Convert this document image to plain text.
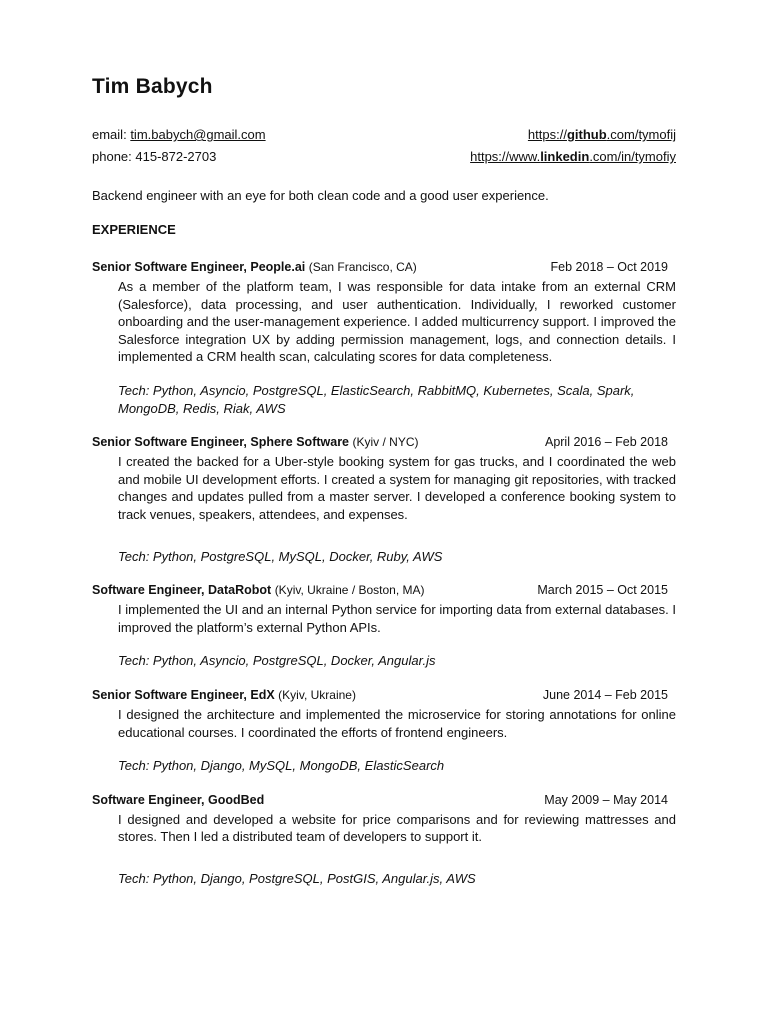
Tim Babych
email: tim.babych@gmail.com	https://github.com/tymofij
phone: 415-872-2703	https://www.linkedin.com/in/tymofiy
Backend engineer with an eye for both clean code and a good user experience.
EXPERIENCE
Senior Software Engineer, People.ai (San Francisco, CA)	Feb 2018 – Oct 2019
As a member of the platform team, I was responsible for data intake from an external CRM (Salesforce), data processing, and user authentication. Individually, I reworked customer onboarding and the user-management experience. I added multicurrency support. I improved the Salesforce integration UX by adding permission management, logs, and connection details. I implemented a CRM health scan, calculating scores for data completeness.
Tech: Python, Asyncio, PostgreSQL, ElasticSearch, RabbitMQ, Kubernetes, Scala, Spark, MongoDB, Redis, Riak, AWS
Senior Software Engineer, Sphere Software (Kyiv / NYC)	April 2016 – Feb 2018
I created the backed for a Uber-style booking system for gas trucks, and I coordinated the web and mobile UI development efforts. I created a system for managing git repositories, with tracked changes and updates pulled from a master server. I developed a conference booking system to track venues, speakers, attendees, and expenses.
Tech: Python, PostgreSQL, MySQL, Docker, Ruby, AWS
Software Engineer, DataRobot (Kyiv, Ukraine / Boston, MA)	March 2015 – Oct 2015
I implemented the UI and an internal Python service for importing data from external databases. I improved the platform’s external Python APIs.
Tech: Python, Asyncio, PostgreSQL, Docker, Angular.js
Senior Software Engineer, EdX (Kyiv, Ukraine)	June 2014 – Feb 2015
I designed the architecture and implemented the microservice for storing annotations for online educational courses. I coordinated the efforts of frontend engineers.
Tech: Python, Django, MySQL, MongoDB, ElasticSearch
Software Engineer, GoodBed	May 2009 – May 2014
I designed and developed a website for price comparisons and for reviewing mattresses and stores. Then I led a distributed team of developers to support it.
Tech: Python, Django, PostgreSQL, PostGIS, Angular.js, AWS
